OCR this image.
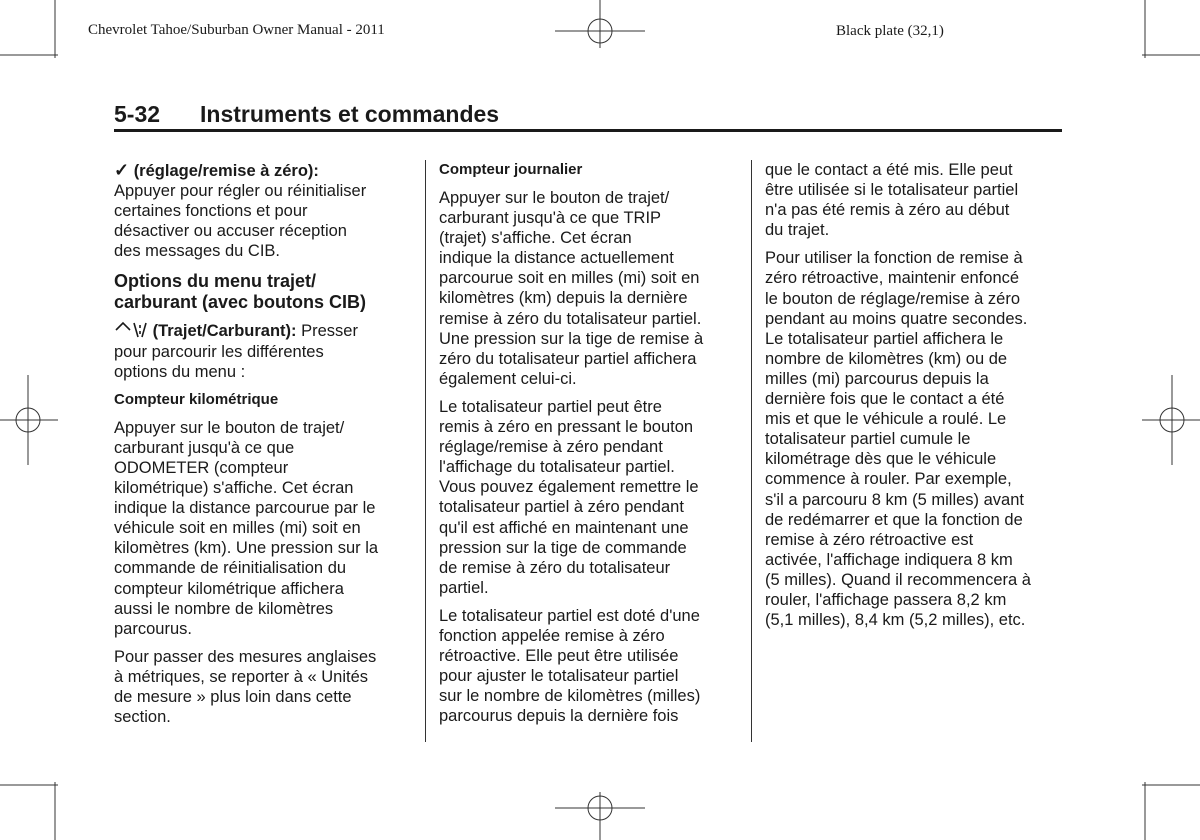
Chevrolet Tahoe/Suburban Owner Manual - 2011	Black plate (32,1)
5-32 Instruments et commandes

✓ (réglage/remise à zéro):
Appuyer pour régler ou réinitialiser
certaines fonctions et pour
désactiver ou accuser réception
des messages du CIB.

Options du menu trajet/
carburant (avec boutons CIB)

(Trajet/Carburant): Presser
pour parcourir les différentes
options du menu :

Compteur kilométrique

Appuyer sur le bouton de trajet/
carburant jusqu'à ce que
ODOMETER (compteur
kilométrique) s'affiche. Cet écran
indique la distance parcourue par le
véhicule soit en milles (mi) soit en
kilomètres (km). Une pression sur la
commande de réinitialisation du
compteur kilométrique affichera
aussi le nombre de kilomètres
parcourus.

Pour passer des mesures anglaises
à métriques, se reporter à « Unités
de mesure » plus loin dans cette
section.

Compteur journalier

Appuyer sur le bouton de trajet/
carburant jusqu'à ce que TRIP
(trajet) s'affiche. Cet écran
indique la distance actuellement
parcourue soit en milles (mi) soit en
kilomètres (km) depuis la dernière
remise à zéro du totalisateur partiel.
Une pression sur la tige de remise à
zéro du totalisateur partiel affichera
également celui-ci.

Le totalisateur partiel peut être
remis à zéro en pressant le bouton
réglage/remise à zéro pendant
l'affichage du totalisateur partiel.
Vous pouvez également remettre le
totalisateur partiel à zéro pendant
qu'il est affiché en maintenant une
pression sur la tige de commande
de remise à zéro du totalisateur
partiel.

Le totalisateur partiel est doté d'une
fonction appelée remise à zéro
rétroactive. Elle peut être utilisée
pour ajuster le totalisateur partiel
sur le nombre de kilomètres (milles)
parcourus depuis la dernière fois

que le contact a été mis. Elle peut
être utilisée si le totalisateur partiel
n'a pas été remis à zéro au début
du trajet.

Pour utiliser la fonction de remise à
zéro rétroactive, maintenir enfoncé
le bouton de réglage/remise à zéro
pendant au moins quatre secondes.
Le totalisateur partiel affichera le
nombre de kilomètres (km) ou de
milles (mi) parcourus depuis la
dernière fois que le contact a été
mis et que le véhicule a roulé. Le
totalisateur partiel cumule le
kilométrage dès que le véhicule
commence à rouler. Par exemple,
s'il a parcouru 8 km (5 milles) avant
de redémarrer et que la fonction de
remise à zéro rétroactive est
activée, l'affichage indiquera 8 km
(5 milles). Quand il recommencera à
rouler, l'affichage passera 8,2 km
(5,1 milles), 8,4 km (5,2 milles), etc.
